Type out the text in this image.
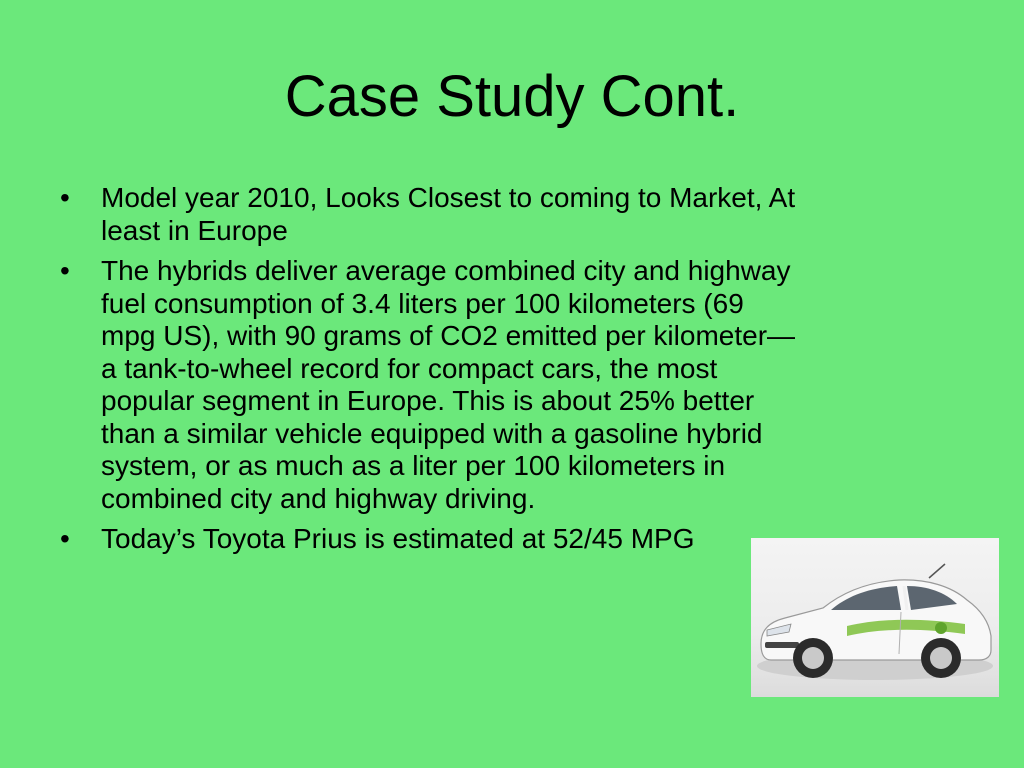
Case Study Cont.
•	Model year 2010, Looks Closest to coming to Market, At least in Europe
•	The hybrids deliver average combined city and highway fuel consumption of 3.4 liters per 100 kilometers (69 mpg US), with 90 grams of CO2 emitted per kilometer—a tank-to-wheel record for compact cars, the most popular segment in Europe. This is about 25% better than a similar vehicle equipped with a gasoline hybrid system, or as much as a liter per 100 kilometers in combined city and highway driving.
•	Today’s Toyota Prius is estimated at 52/45 MPG
